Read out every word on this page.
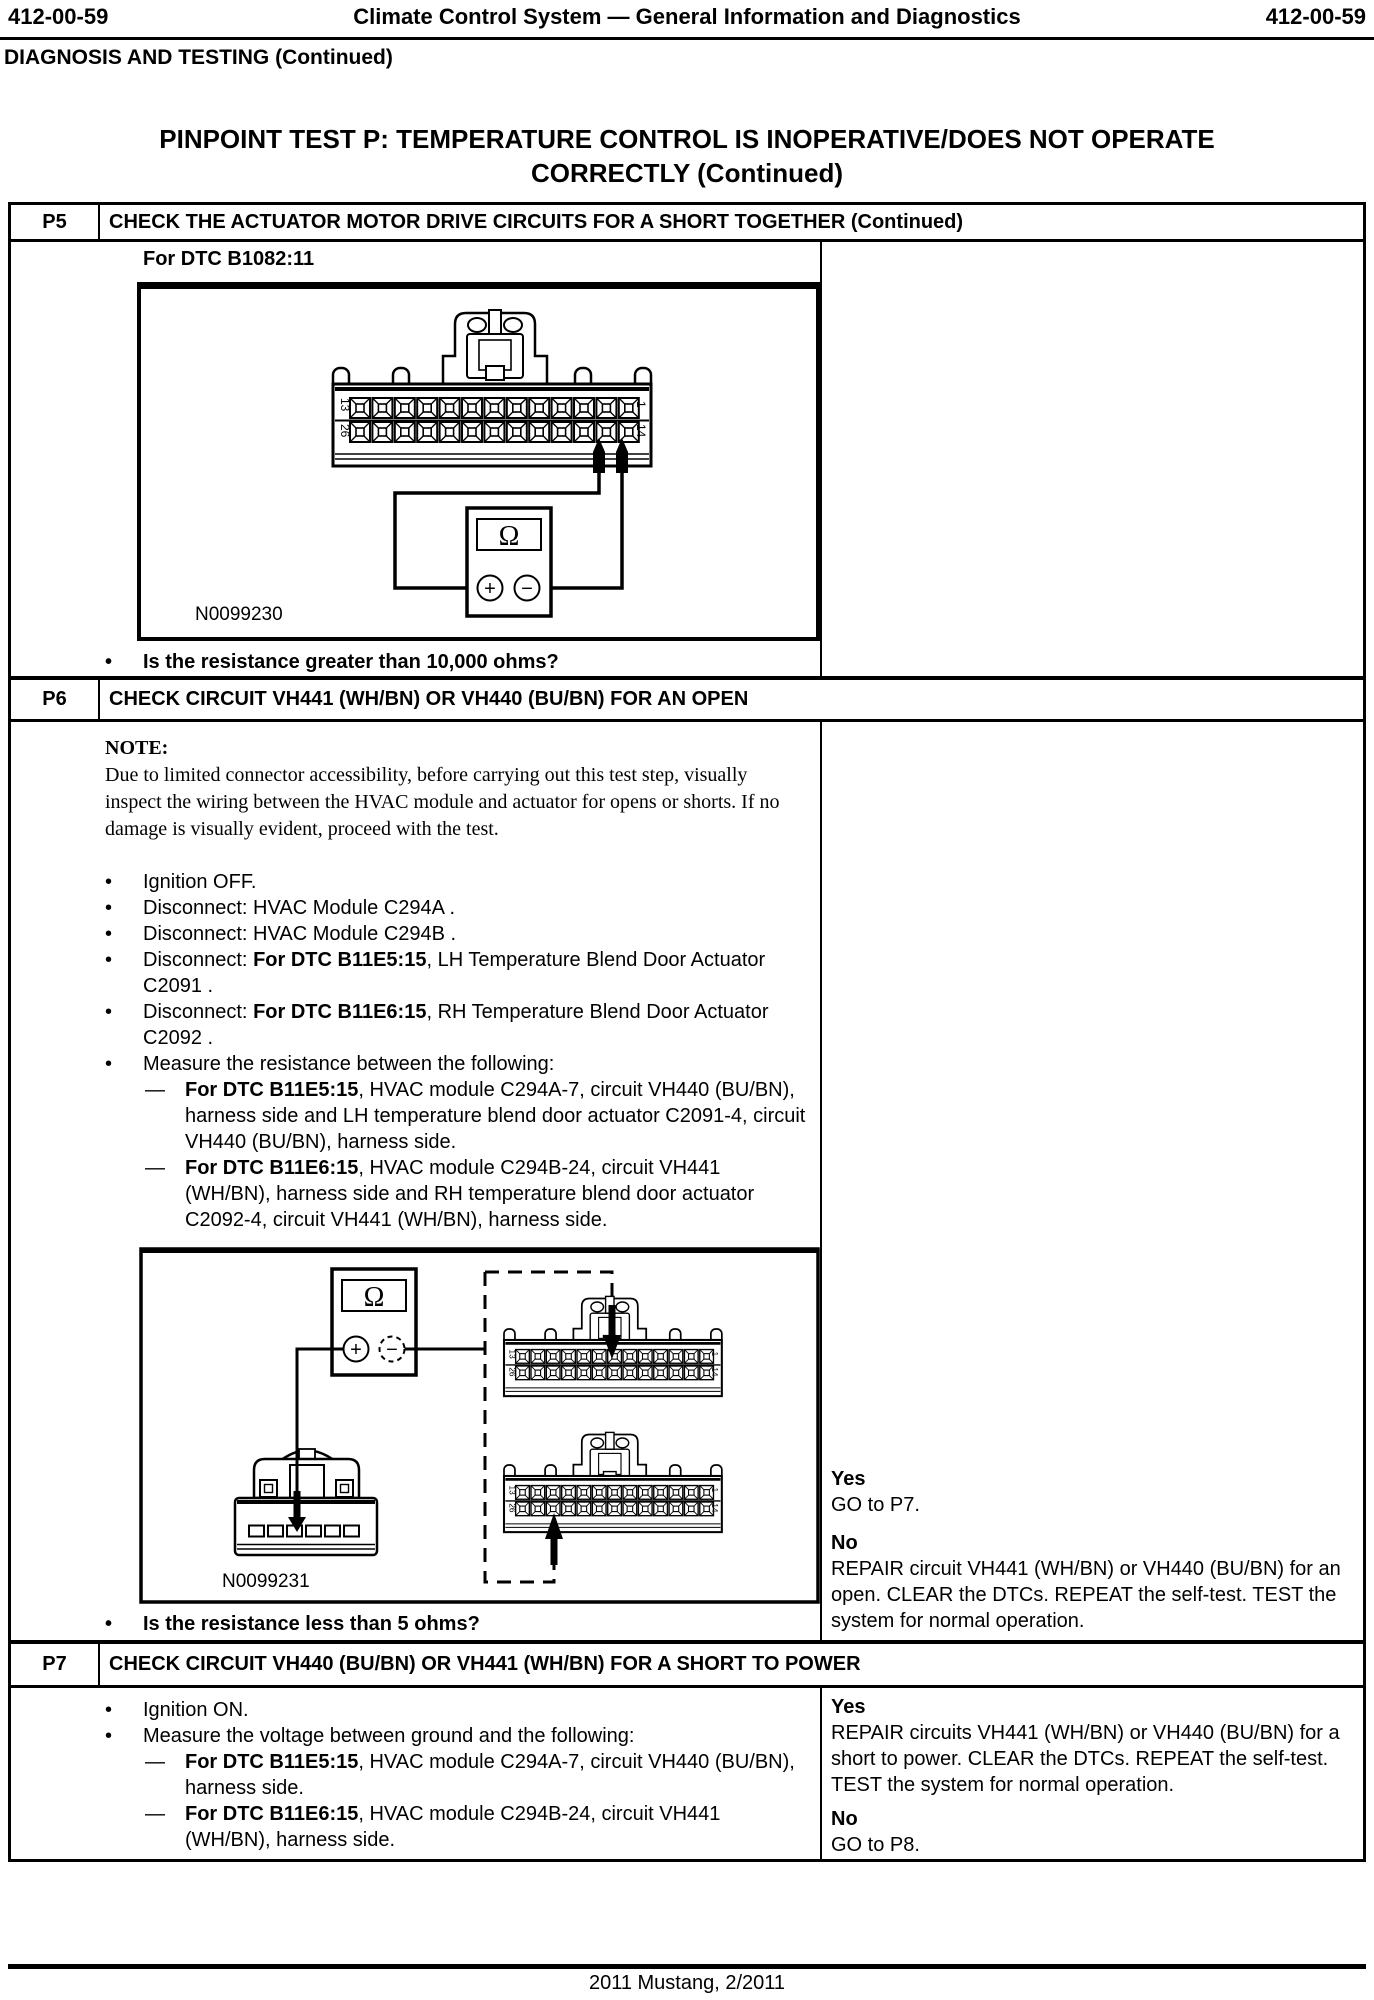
412-00-59	Climate Control System — General Information and Diagnostics	412-00-59
DIAGNOSIS AND TESTING (Continued)
PINPOINT TEST P: TEMPERATURE CONTROL IS INOPERATIVE/DOES NOT OPERATE
CORRECTLY (Continued)
P5	CHECK THE ACTUATOR MOTOR DRIVE CIRCUITS FOR A SHORT TOGETHER (Continued)
For DTC B1082:11
Ω
+ −
N0099230
•	Is the resistance greater than 10,000 ohms?
P6	CHECK CIRCUIT VH441 (WH/BN) OR VH440 (BU/BN) FOR AN OPEN
NOTE:
Due to limited connector accessibility, before carrying out this test step, visually inspect the wiring between the HVAC module and actuator for opens or shorts. If no damage is visually evident, proceed with the test.
•	Ignition OFF.
•	Disconnect: HVAC Module C294A .
•	Disconnect: HVAC Module C294B .
•	Disconnect: For DTC B11E5:15, LH Temperature Blend Door Actuator C2091 .
•	Disconnect: For DTC B11E6:15, RH Temperature Blend Door Actuator C2092 .
•	Measure the resistance between the following:
—	For DTC B11E5:15, HVAC module C294A-7, circuit VH440 (BU/BN), harness side and LH temperature blend door actuator C2091-4, circuit VH440 (BU/BN), harness side.
—	For DTC B11E6:15, HVAC module C294B-24, circuit VH441 (WH/BN), harness side and RH temperature blend door actuator C2092-4, circuit VH441 (WH/BN), harness side.
Ω
+ −
N0099231
•	Is the resistance less than 5 ohms?
Yes
GO to P7.
No
REPAIR circuit VH441 (WH/BN) or VH440 (BU/BN) for an open. CLEAR the DTCs. REPEAT the self-test. TEST the system for normal operation.
P7	CHECK CIRCUIT VH440 (BU/BN) OR VH441 (WH/BN) FOR A SHORT TO POWER
•	Ignition ON.
•	Measure the voltage between ground and the following:
—	For DTC B11E5:15, HVAC module C294A-7, circuit VH440 (BU/BN), harness side.
—	For DTC B11E6:15, HVAC module C294B-24, circuit VH441 (WH/BN), harness side.
Yes
REPAIR circuits VH441 (WH/BN) or VH440 (BU/BN) for a short to power. CLEAR the DTCs. REPEAT the self-test. TEST the system for normal operation.
No
GO to P8.
2011 Mustang, 2/2011
